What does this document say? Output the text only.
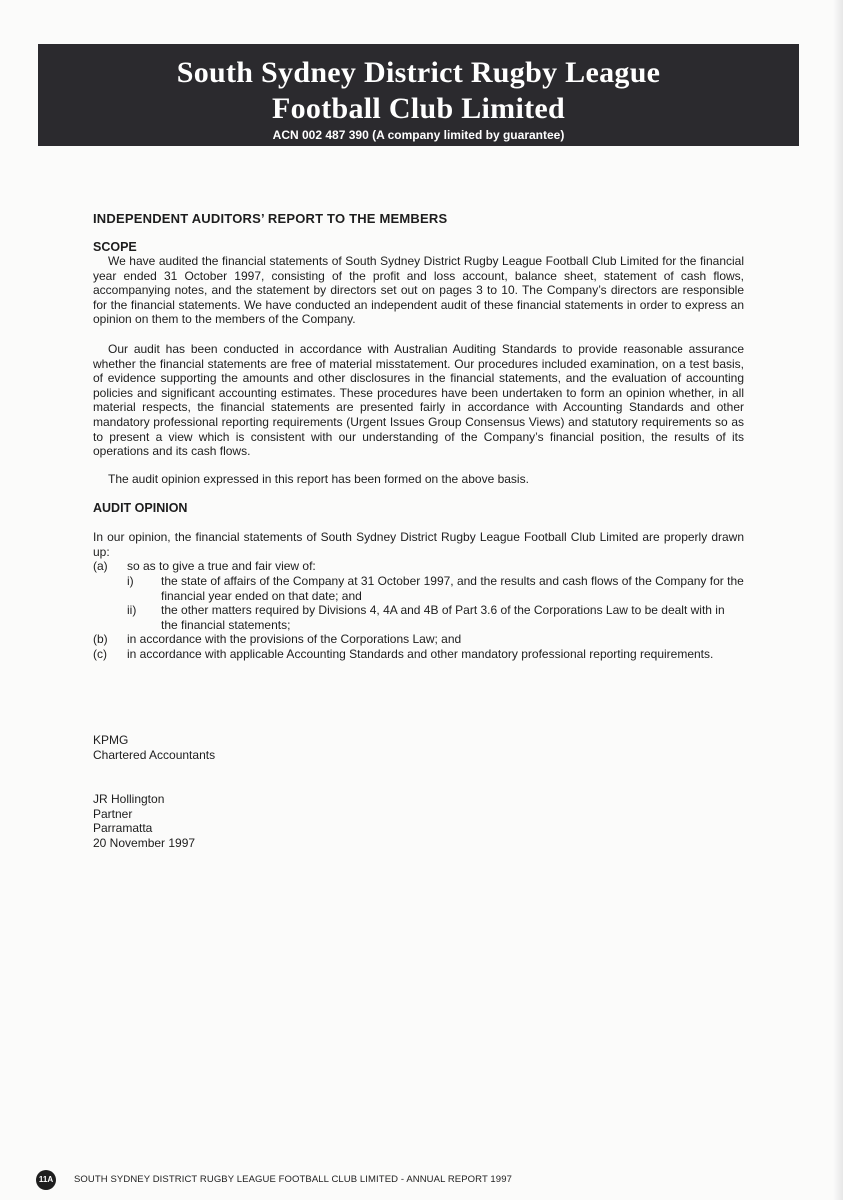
South Sydney District Rugby League
Football Club Limited
ACN 002 487 390 (A company limited by guarantee)
INDEPENDENT AUDITORS’ REPORT TO THE MEMBERS
SCOPE
We have audited the financial statements of South Sydney District Rugby League Football Club Limited for the financial year ended 31 October 1997, consisting of the profit and loss account, balance sheet, statement of cash flows, accompanying notes, and the statement by directors set out on pages 3 to 10. The Company’s directors are responsible for the financial statements. We have conducted an independent audit of these financial statements in order to express an opinion on them to the members of the Company.
Our audit has been conducted in accordance with Australian Auditing Standards to provide reasonable assurance whether the financial statements are free of material misstatement. Our procedures included examination, on a test basis, of evidence supporting the amounts and other disclosures in the financial statements, and the evaluation of accounting policies and significant accounting estimates. These procedures have been undertaken to form an opinion whether, in all material respects, the financial statements are presented fairly in accordance with Accounting Standards and other mandatory professional reporting requirements (Urgent Issues Group Consensus Views) and statutory requirements so as to present a view which is consistent with our understanding of the Company’s financial position, the results of its operations and its cash flows.
The audit opinion expressed in this report has been formed on the above basis.
AUDIT OPINION
In our opinion, the financial statements of South Sydney District Rugby League Football Club Limited are properly drawn up:
(a) so as to give a true and fair view of:
i) the state of affairs of the Company at 31 October 1997, and the results and cash flows of the Company for the financial year ended on that date; and
ii) the other matters required by Divisions 4, 4A and 4B of Part 3.6 of the Corporations Law to be dealt with in the financial statements;
(b) in accordance with the provisions of the Corporations Law; and
(c) in accordance with applicable Accounting Standards and other mandatory professional reporting requirements.
KPMG
Chartered Accountants
JR Hollington
Partner
Parramatta
20 November 1997
11A	SOUTH SYDNEY DISTRICT RUGBY LEAGUE FOOTBALL CLUB LIMITED - ANNUAL REPORT 1997
